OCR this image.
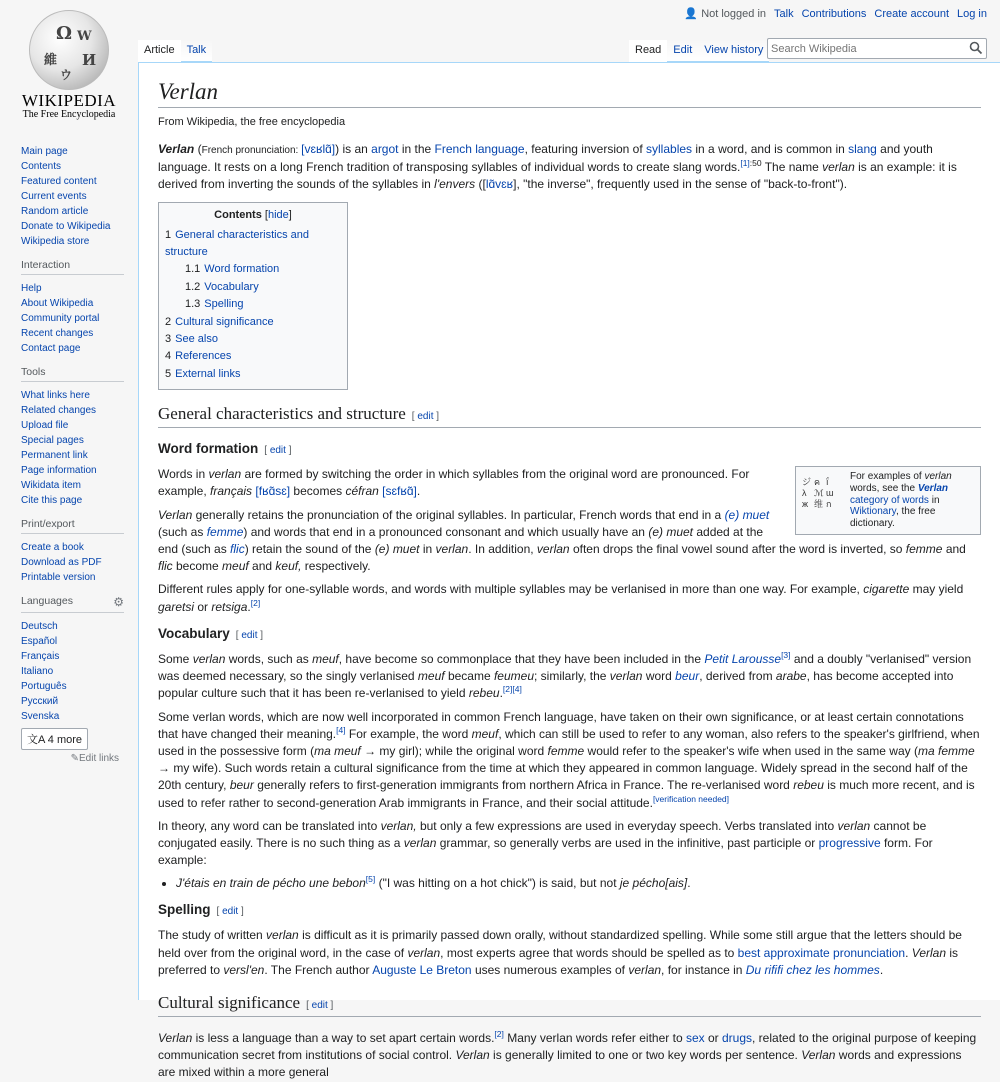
Ω W
И
維
ウ
WIKIPEDIA
The Free Encyclopedia
Main page
Contents
Featured content
Current events
Random article
Donate to Wikipedia
Wikipedia store
Interaction
Help
About Wikipedia
Community portal
Recent changes
Contact page
Tools
What links here
Related changes
Upload file
Special pages
Permanent link
Page information
Wikidata item
Cite this page
Print/export
Create a book
Download as PDF
Printable version
Languages	⚙
Deutsch
Español
Français
Italiano
Português
Русский
Svenska
文A 4 more
✎Edit links
👤 Not logged in Talk Contributions Create account Log in
Article	Talk	Read	Edit	View history
Search Wikipedia
Verlan
From Wikipedia, the free encyclopedia

Verlan (French pronunciation: [vɛʁlɑ̃]) is an argot in the French language, featuring inversion of syllables in a word, and is common in slang and youth language. It rests on a long French tradition of transposing syllables of individual words to create slang words.$^{[1]:50}$ The name verlan is an example: it is derived from inverting the sounds of the syllables in l'envers ([lɑ̃vɛʁ], "the inverse", frequently used in the sense of "back-to-front").

Contents [hide]
1 General characteristics and structure
1.1 Word formation
1.2 Vocabulary
1.3 Spelling
2 Cultural significance
3 See also
4 References
5 External links
General characteristics and structure [ edit ]
Word formation [ edit ]
ジ ค ḯ
λ ℳ ɯ
ж 维 ก
For examples of verlan words, see the Verlan category of words in Wiktionary, the free dictionary.

Words in verlan are formed by switching the order in which syllables from the original word are pronounced. For example, français [fʁɑ̃sɛ] becomes céfran [sɛfʁɑ̃].

Verlan generally retains the pronunciation of the original syllables. In particular, French words that end in a (e) muet (such as femme) and words that end in a pronounced consonant and which usually have an (e) muet added at the end (such as flic) retain the sound of the (e) muet in verlan. In addition, verlan often drops the final vowel sound after the word is inverted, so femme and flic become meuf and keuf, respectively.

Different rules apply for one-syllable words, and words with multiple syllables may be verlanised in more than one way. For example, cigarette may yield garetsi or retsiga.[2]

Vocabulary [ edit ]

Some verlan words, such as meuf, have become so commonplace that they have been included in the Petit Larousse[3] and a doubly "verlanised" version was deemed necessary, so the singly verlanised meuf became feumeu; similarly, the verlan word beur, derived from arabe, has become accepted into popular culture such that it has been re-verlanised to yield rebeu.[2][4]

Some verlan words, which are now well incorporated in common French language, have taken on their own significance, or at least certain connotations that have changed their meaning.[4] For example, the word meuf, which can still be used to refer to any woman, also refers to the speaker's girlfriend, when used in the possessive form (ma meuf → my girl); while the original word femme would refer to the speaker's wife when used in the same way (ma femme → my wife). Such words retain a cultural significance from the time at which they appeared in common language. Widely spread in the second half of the 20th century, beur generally refers to first-generation immigrants from northern Africa in France. The re-verlanised word rebeu is much more recent, and is used to refer rather to second-generation Arab immigrants in France, and their social attitude.[verification needed]

In theory, any word can be translated into verlan, but only a few expressions are used in everyday speech. Verbs translated into verlan cannot be conjugated easily. There is no such thing as a verlan grammar, so generally verbs are used in the infinitive, past participle or progressive form. For example:

• J'étais en train de pécho une bebon[5] ("I was hitting on a hot chick") is said, but not je pécho[ais].
Spelling [ edit ]

The study of written verlan is difficult as it is primarily passed down orally, without standardized spelling. While some still argue that the letters should be held over from the original word, in the case of verlan, most experts agree that words should be spelled as to best approximate pronunciation. Verlan is preferred to versl'en. The French author Auguste Le Breton uses numerous examples of verlan, for instance in Du rififi chez les hommes.

Cultural significance [ edit ]

Verlan is less a language than a way to set apart certain words.[2] Many verlan words refer either to sex or drugs, related to the original purpose of keeping communication secret from institutions of social control. Verlan is generally limited to one or two key words per sentence. Verlan words and expressions are mixed within a more general
